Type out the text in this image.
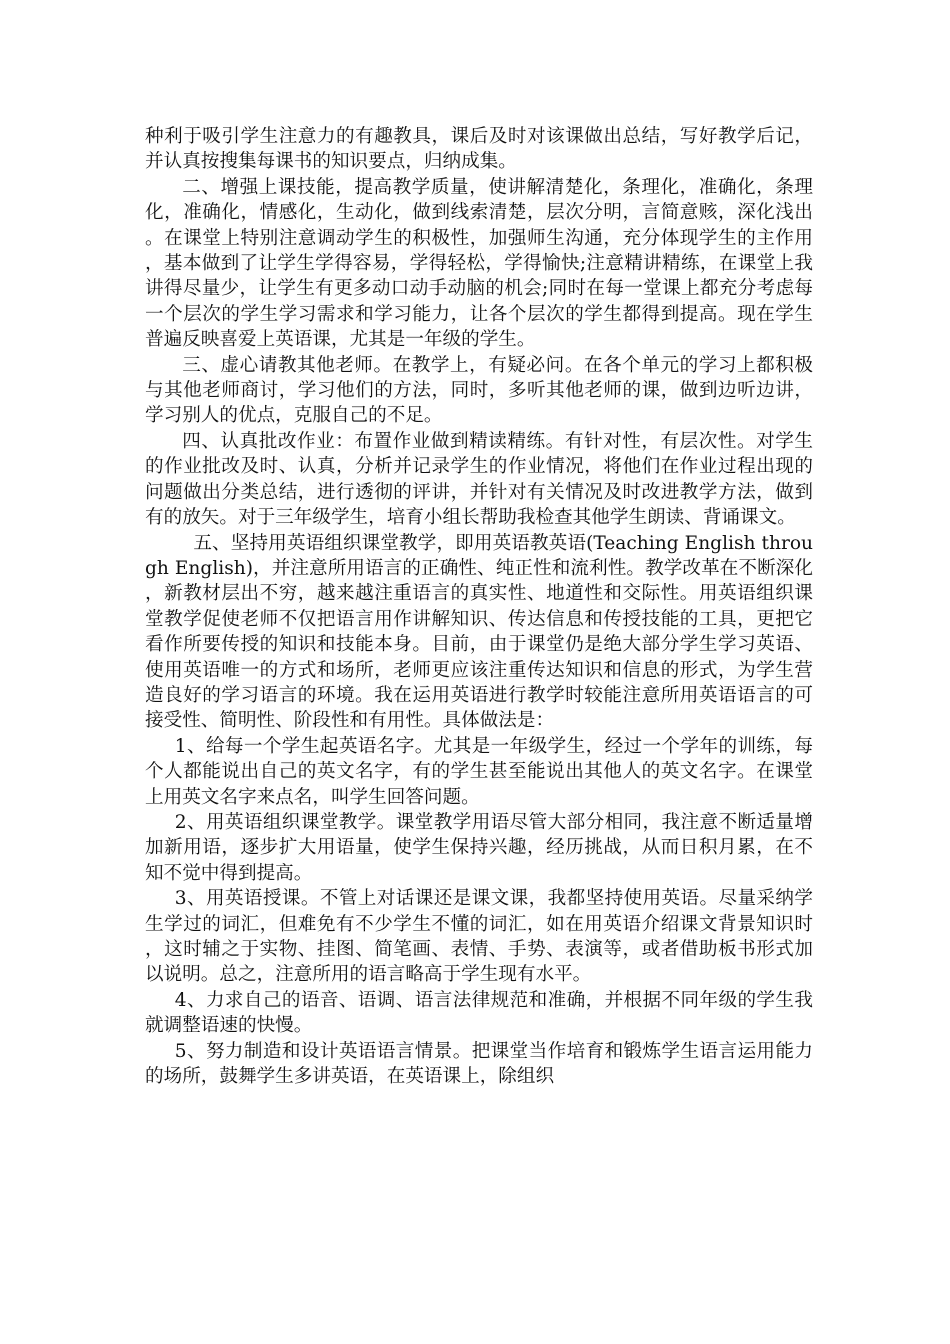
种利于吸引学生注意力的有趣教具，课后及时对该课做出总结，写好教学后记，并认真按搜集每课书的知识要点，归纳成集。

二、增强上课技能，提高教学质量，使讲解清楚化，条理化，准确化，条理化，准确化，情感化，生动化，做到线索清楚，层次分明，言简意赅，深化浅出。在课堂上特别注意调动学生的积极性，加强师生沟通，充分体现学生的主作用，基本做到了让学生学得容易，学得轻松，学得愉快;注意精讲精练，在课堂上我讲得尽量少，让学生有更多动口动手动脑的机会;同时在每一堂课上都充分考虑每一个层次的学生学习需求和学习能力，让各个层次的学生都得到提高。现在学生普遍反映喜爱上英语课，尤其是一年级的学生。

三、虚心请教其他老师。在教学上，有疑必问。在各个单元的学习上都积极与其他老师商讨，学习他们的方法，同时，多听其他老师的课，做到边听边讲，学习别人的优点，克服自己的不足。

四、认真批改作业：布置作业做到精读精练。有针对性，有层次性。对学生的作业批改及时、认真，分析并记录学生的作业情况，将他们在作业过程出现的问题做出分类总结，进行透彻的评讲，并针对有关情况及时改进教学方法，做到有的放矢。对于三年级学生，培育小组长帮助我检查其他学生朗读、背诵课文。

五、坚持用英语组织课堂教学，即用英语教英语(Teaching English through English)，并注意所用语言的正确性、纯正性和流利性。教学改革在不断深化，新教材层出不穷，越来越注重语言的真实性、地道性和交际性。用英语组织课堂教学促使老师不仅把语言用作讲解知识、传达信息和传授技能的工具，更把它看作所要传授的知识和技能本身。目前，由于课堂仍是绝大部分学生学习英语、使用英语唯一的方式和场所，老师更应该注重传达知识和信息的形式，为学生营造良好的学习语言的环境。我在运用英语进行教学时较能注意所用英语语言的可接受性、简明性、阶段性和有用性。具体做法是：

1、给每一个学生起英语名字。尤其是一年级学生，经过一个学年的训练，每个人都能说出自己的英文名字，有的学生甚至能说出其他人的英文名字。在课堂上用英文名字来点名，叫学生回答问题。

2、用英语组织课堂教学。课堂教学用语尽管大部分相同，我注意不断适量增加新用语，逐步扩大用语量，使学生保持兴趣，经历挑战，从而日积月累，在不知不觉中得到提高。

3、用英语授课。不管上对话课还是课文课，我都坚持使用英语。尽量采纳学生学过的词汇，但难免有不少学生不懂的词汇，如在用英语介绍课文背景知识时，这时辅之于实物、挂图、简笔画、表情、手势、表演等，或者借助板书形式加以说明。总之，注意所用的语言略高于学生现有水平。

4、力求自己的语音、语调、语言法律规范和准确，并根据不同年级的学生我就调整语速的快慢。

5、努力制造和设计英语语言情景。把课堂当作培育和锻炼学生语言运用能力的场所，鼓舞学生多讲英语，在英语课上，除组织
